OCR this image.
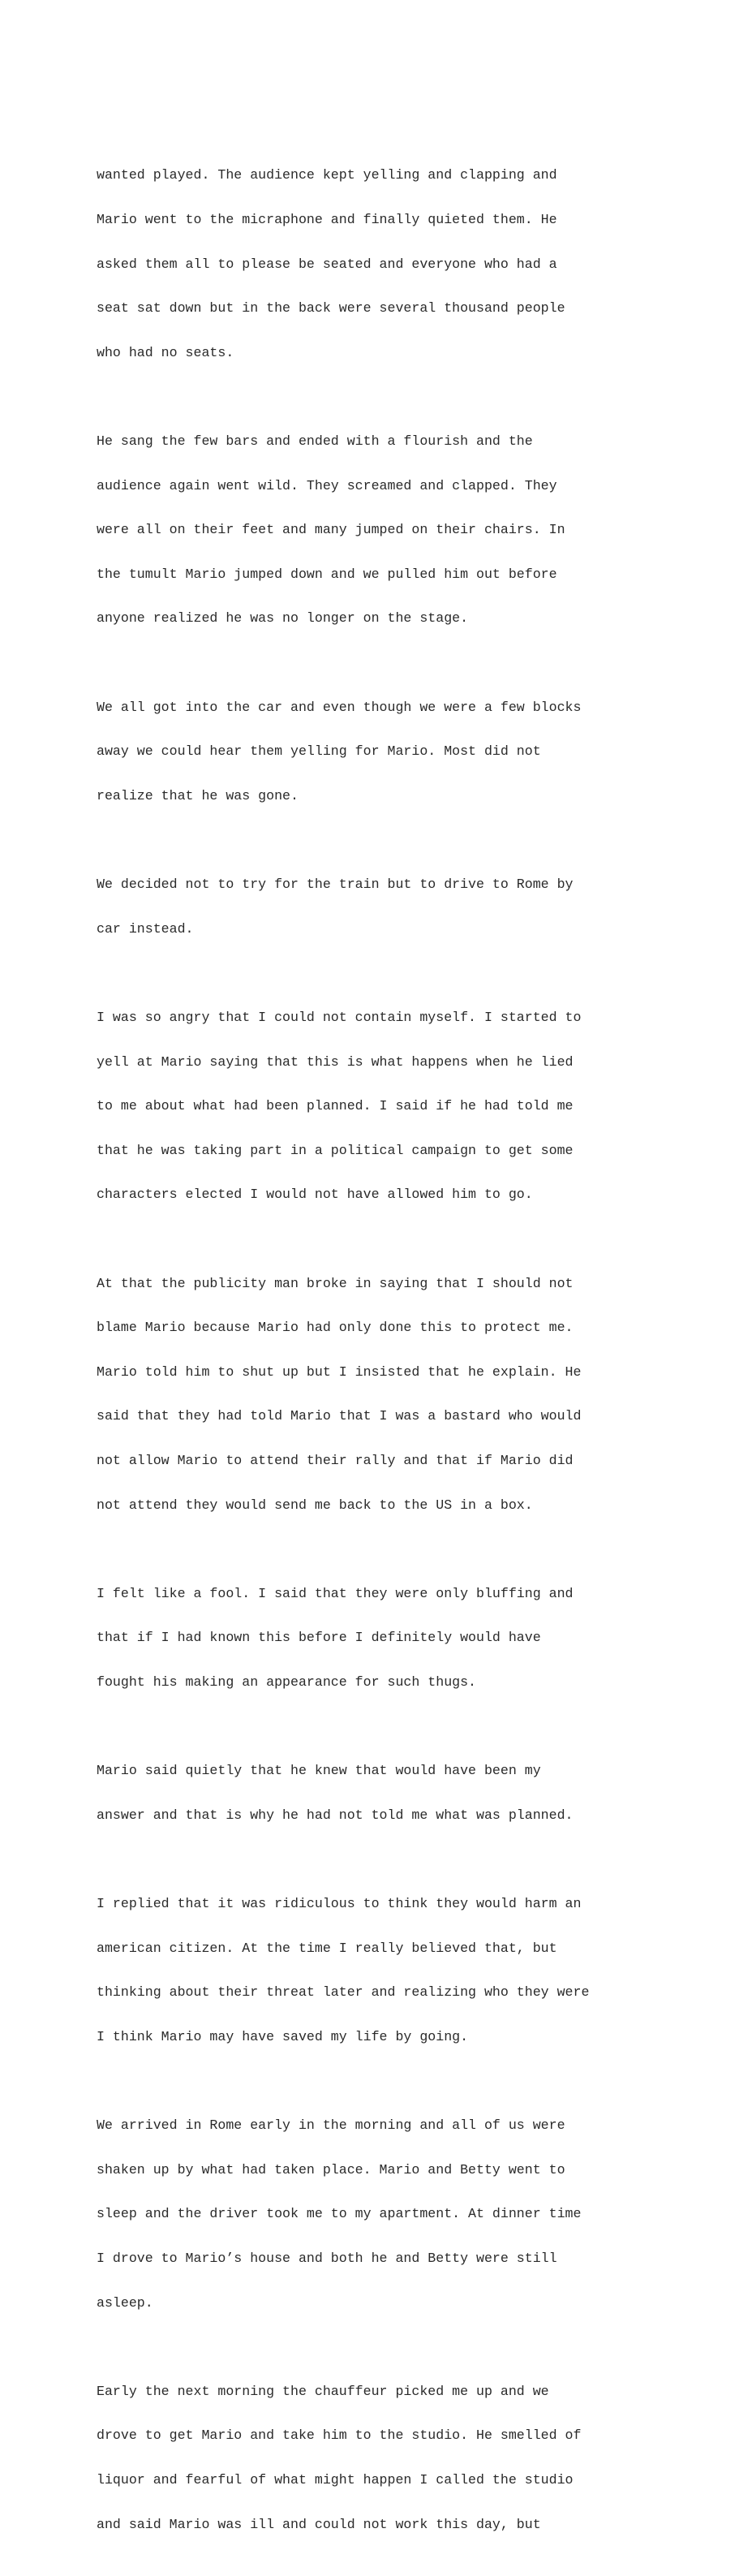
wanted played. The audience kept yelling and clapping and

Mario went to the micraphone and finally quieted them. He

asked them all to please be seated and everyone who had a

seat sat down but in the back were several thousand people

who had no seats.

He sang the few bars and ended with a flourish and the

audience again went wild. They screamed and clapped. They

were all on their feet and many jumped on their chairs. In

the tumult Mario jumped down and we pulled him out before

anyone realized he was no longer on the stage.

We all got into the car and even though we were a few blocks

away we could hear them yelling for Mario. Most did not

realize that he was gone.

We decided not to try for the train but to drive to Rome by

car instead.

I was so angry that I could not contain myself. I started to

yell at Mario saying that this is what happens when he lied

to me about what had been planned. I said if he had told me

that he was taking part in a political campaign to get some

characters elected I would not have allowed him to go.

At that the publicity man broke in saying that I should not

blame Mario because Mario had only done this to protect me.

Mario told him to shut up but I insisted that he explain. He

said that they had told Mario that I was a bastard who would

not allow Mario to attend their rally and that if Mario did

not attend they would send me back to the US in a box.

I felt like a fool. I said that they were only bluffing and

that if I had known this before I definitely would have

fought his making an appearance for such thugs.

Mario said quietly that he knew that would have been my

answer and that is why he had not told me what was planned.

I replied that it was ridiculous to think they would harm an

american citizen. At the time I really believed that, but

thinking about their threat later and realizing who they were

I think Mario may have saved my life by going.

We arrived in Rome early in the morning and all of us were

shaken up by what had taken place. Mario and Betty went to

sleep and the driver took me to my apartment. At dinner time

I drove to Mario’s house and both he and Betty were still

asleep.

Early the next morning the chauffeur picked me up and we

drove to get Mario and take him to the studio. He smelled of

liquor and fearful of what might happen I called the studio

and said Mario was ill and could not work this day, but
